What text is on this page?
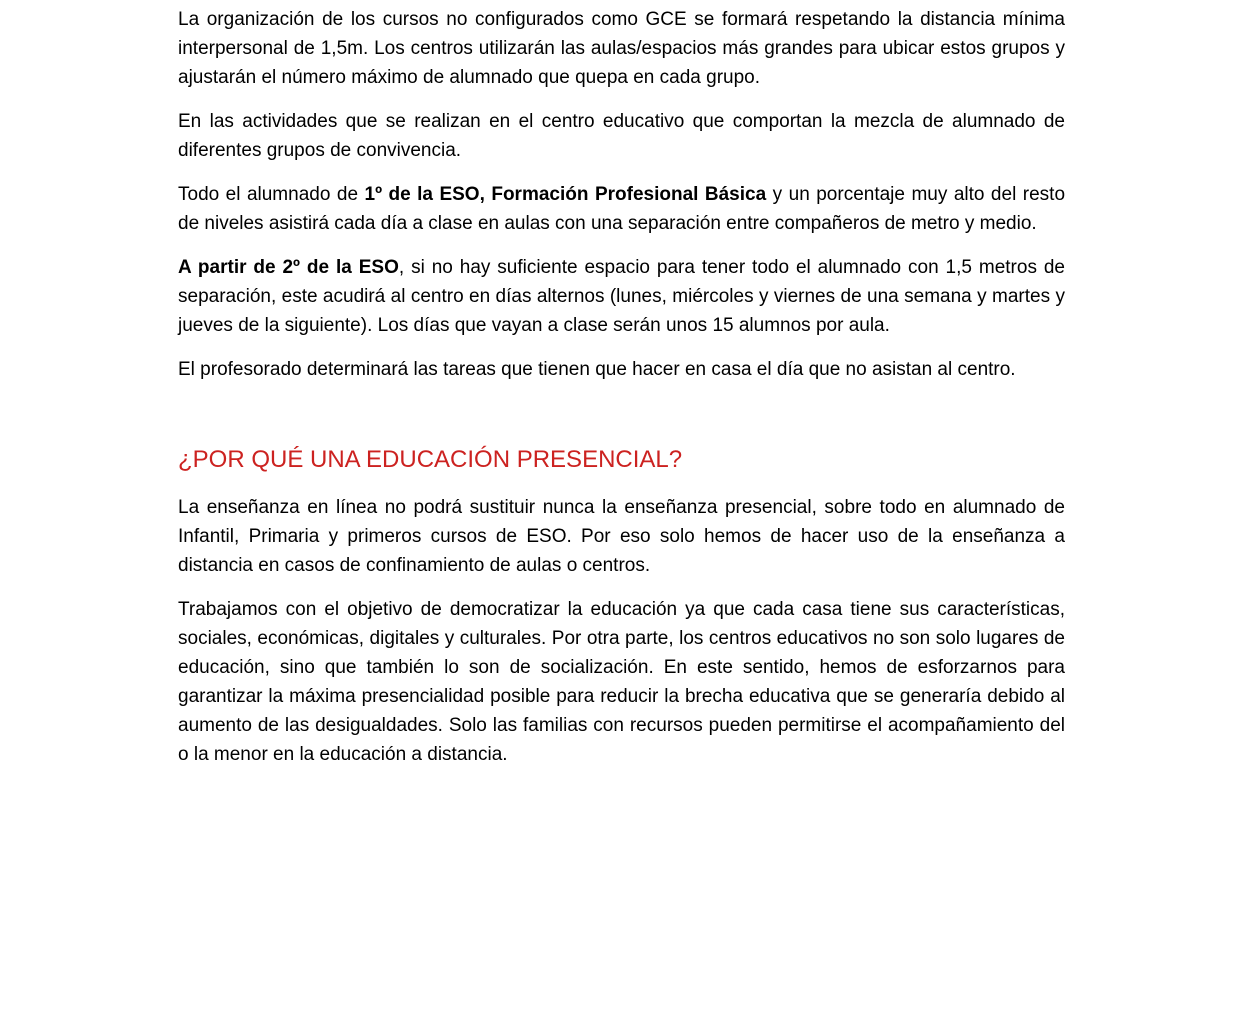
La organización de los cursos no configurados como GCE se formará respetando la distancia mínima interpersonal de 1,5m. Los centros utilizarán las aulas/espacios más grandes para ubicar estos grupos y ajustarán el número máximo de alumnado que quepa en cada grupo.

En las actividades que se realizan en el centro educativo que comportan la mezcla de alumnado de diferentes grupos de convivencia.

Todo el alumnado de 1º de la ESO, Formación Profesional Básica y un porcentaje muy alto del resto de niveles asistirá cada día a clase en aulas con una separación entre compañeros de metro y medio.

A partir de 2º de la ESO, si no hay suficiente espacio para tener todo el alumnado con 1,5 metros de separación, este acudirá al centro en días alternos (lunes, miércoles y viernes de una semana y martes y jueves de la siguiente). Los días que vayan a clase serán unos 15 alumnos por aula.

El profesorado determinará las tareas que tienen que hacer en casa el día que no asistan al centro.

¿POR QUÉ UNA EDUCACIÓN PRESENCIAL?

La enseñanza en línea no podrá sustituir nunca la enseñanza presencial, sobre todo en alumnado de Infantil, Primaria y primeros cursos de ESO. Por eso solo hemos de hacer uso de la enseñanza a distancia en casos de confinamiento de aulas o centros.

Trabajamos con el objetivo de democratizar la educación ya que cada casa tiene sus características, sociales, económicas, digitales y culturales. Por otra parte, los centros educativos no son solo lugares de educación, sino que también lo son de socialización. En este sentido, hemos de esforzarnos para garantizar la máxima presencialidad posible para reducir la brecha educativa que se generaría debido al aumento de las desigualdades. Solo las familias con recursos pueden permitirse el acompañamiento del o la menor en la educación a distancia.
